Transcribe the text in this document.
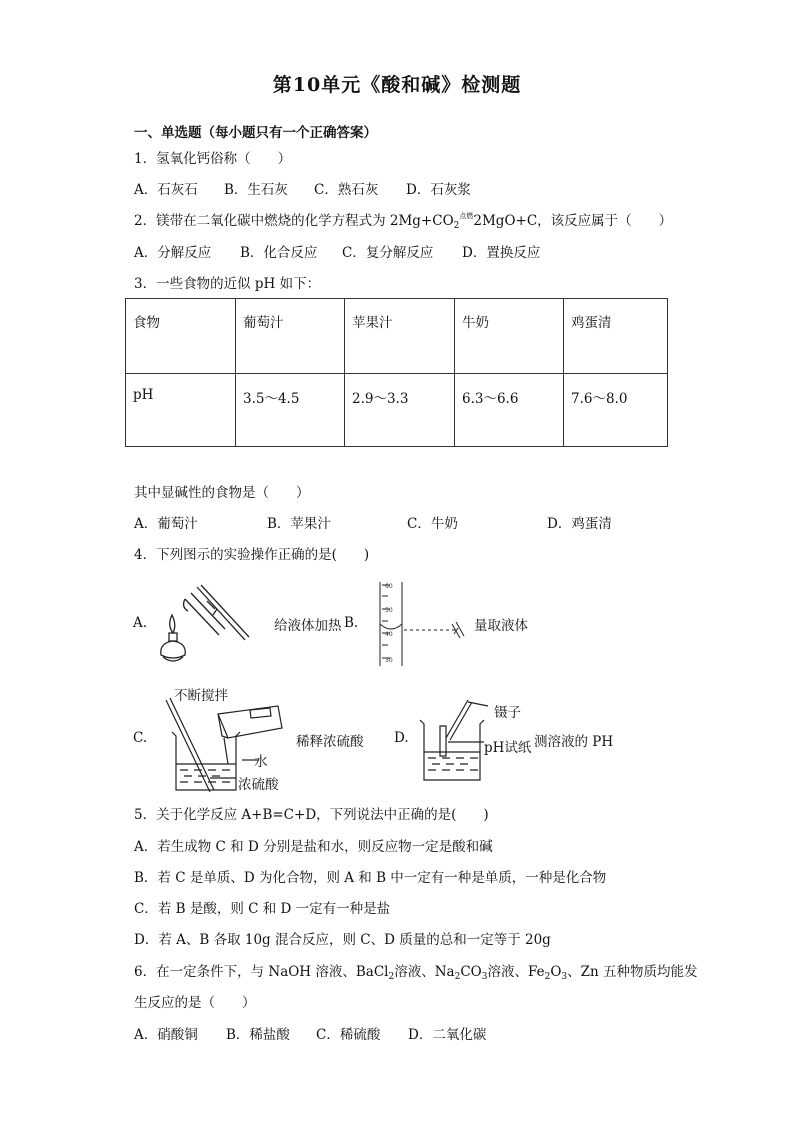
第10单元《酸和碱》检测题
一、单选题（每小题只有一个正确答案）
1．氢氧化钙俗称（　　）
A．石灰石 B．生石灰 C．熟石灰 D．石灰浆
2．镁带在二氧化碳中燃烧的化学方程式为 $2Mg+CO_2^{点燃}2MgO+C$，该反应属于（　　）
A．分解反应 B．化合反应 C．复分解反应 D．置换反应
3．一些食物的近似 pH 如下：
食物	葡萄汁	苹果汁	牛奶	鸡蛋清
pH	3.5～4.5	2.9～3.3	6.3～6.6	7.6～8.0
其中显碱性的食物是（　　）
A．葡萄汁	B．苹果汁	C．牛奶	D．鸡蛋清
4．下列图示的实验操作正确的是(　　)
A.	给液体加热 B.
60
50
40
30
量取液体
C.
不断搅拌
水
浓硫酸
稀释浓硫酸 D.
镊子
pH试纸 测溶液的 PH
5．关于化学反应 A+B=C+D，下列说法中正确的是(　　)
A．若生成物 C 和 D 分别是盐和水，则反应物一定是酸和碱
B．若 C 是单质、D 为化合物，则 A 和 B 中一定有一种是单质，一种是化合物
C．若 B 是酸，则 C 和 D 一定有一种是盐
D．若 A、B 各取 10g 混合反应，则 C、D 质量的总和一定等于 20g
6．在一定条件下，与 NaOH 溶液、BaCl$_2$溶液、$Na_2CO_3$溶液、$Fe_2O_3$、Zn 五种物质均能发
生反应的是（　　）
A．硝酸铜 B．稀盐酸 C．稀硫酸 D．二氧化碳
